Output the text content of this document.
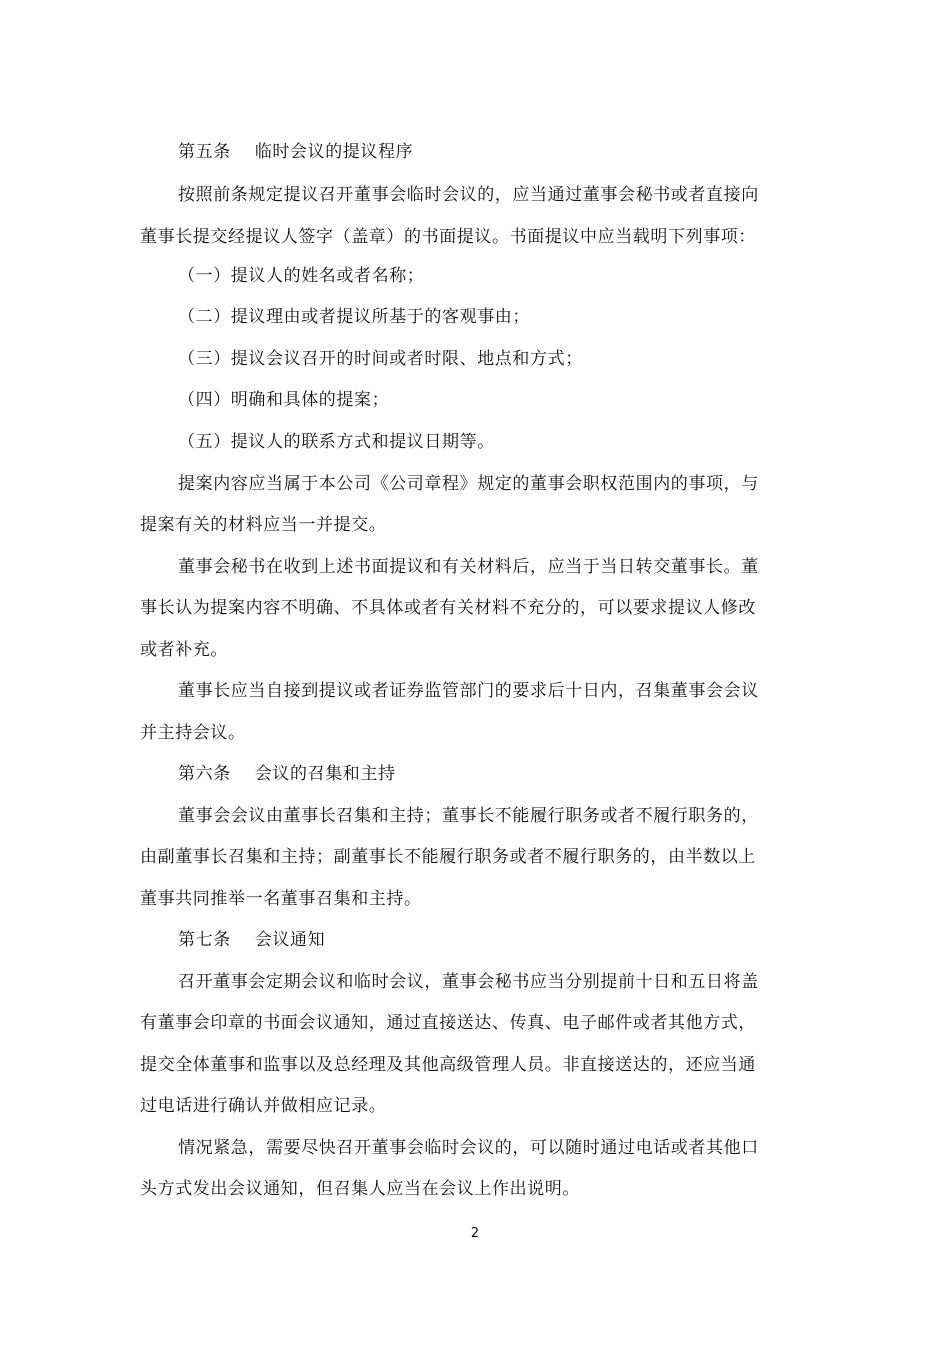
第五条 临时会议的提议程序
按照前条规定提议召开董事会临时会议的，应当通过董事会秘书或者直接向
董事长提交经提议人签字（盖章）的书面提议。书面提议中应当载明下列事项：
（一）提议人的姓名或者名称；
（二）提议理由或者提议所基于的客观事由；
（三）提议会议召开的时间或者时限、地点和方式；
（四）明确和具体的提案；
（五）提议人的联系方式和提议日期等。
提案内容应当属于本公司《公司章程》规定的董事会职权范围内的事项，与
提案有关的材料应当一并提交。
董事会秘书在收到上述书面提议和有关材料后，应当于当日转交董事长。董
事长认为提案内容不明确、不具体或者有关材料不充分的，可以要求提议人修改
或者补充。
董事长应当自接到提议或者证券监管部门的要求后十日内，召集董事会会议
并主持会议。
第六条 会议的召集和主持
董事会会议由董事长召集和主持；董事长不能履行职务或者不履行职务的，
由副董事长召集和主持；副董事长不能履行职务或者不履行职务的，由半数以上
董事共同推举一名董事召集和主持。
第七条 会议通知
召开董事会定期会议和临时会议，董事会秘书应当分别提前十日和五日将盖
有董事会印章的书面会议通知，通过直接送达、传真、电子邮件或者其他方式，
提交全体董事和监事以及总经理及其他高级管理人员。非直接送达的，还应当通
过电话进行确认并做相应记录。
情况紧急，需要尽快召开董事会临时会议的，可以随时通过电话或者其他口
头方式发出会议通知，但召集人应当在会议上作出说明。
2
